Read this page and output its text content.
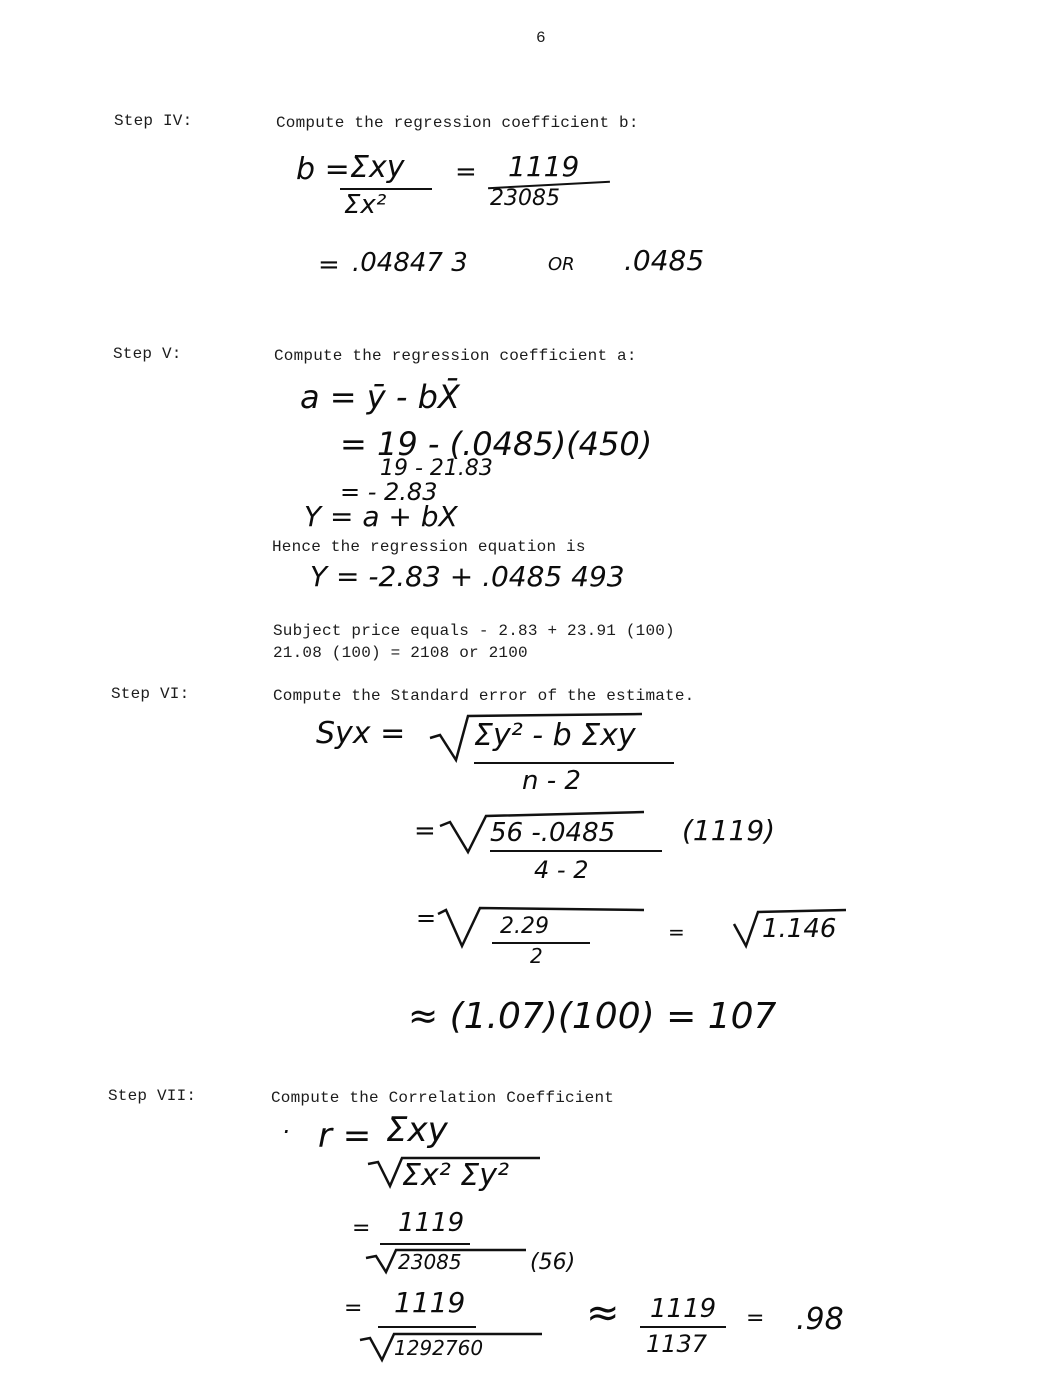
6
Step IV:	Compute the regression coefficient b:
b = Σxy
Σx²
= 1119
23085
= .04847 3	OR .0485
Step V:	Compute the regression coefficient a:
a = ȳ - bX̄
= 19 - (.0485)(450)
19 - 21.83
= - 2.83
Y = a + bX
Hence the regression equation is
Y = -2.83 + .0485 493
Subject price equals - 2.83 + 23.91 (100)
21.08 (100) = 2108 or 2100
Step VI:	Compute the Standard error of the estimate.
Syx = Σy² - b Σxy
n - 2
= 56 -.0485 (1119)
4 - 2
=	2.29
2
=	1.146
≈ (1.07)(100) = 107
Step VII:	Compute the Correlation Coefficient
· r = Σxy
Σx² Σy²
= 1119
23085	(56)
= 1119
1292760
≈ 1119
1137
= .98
